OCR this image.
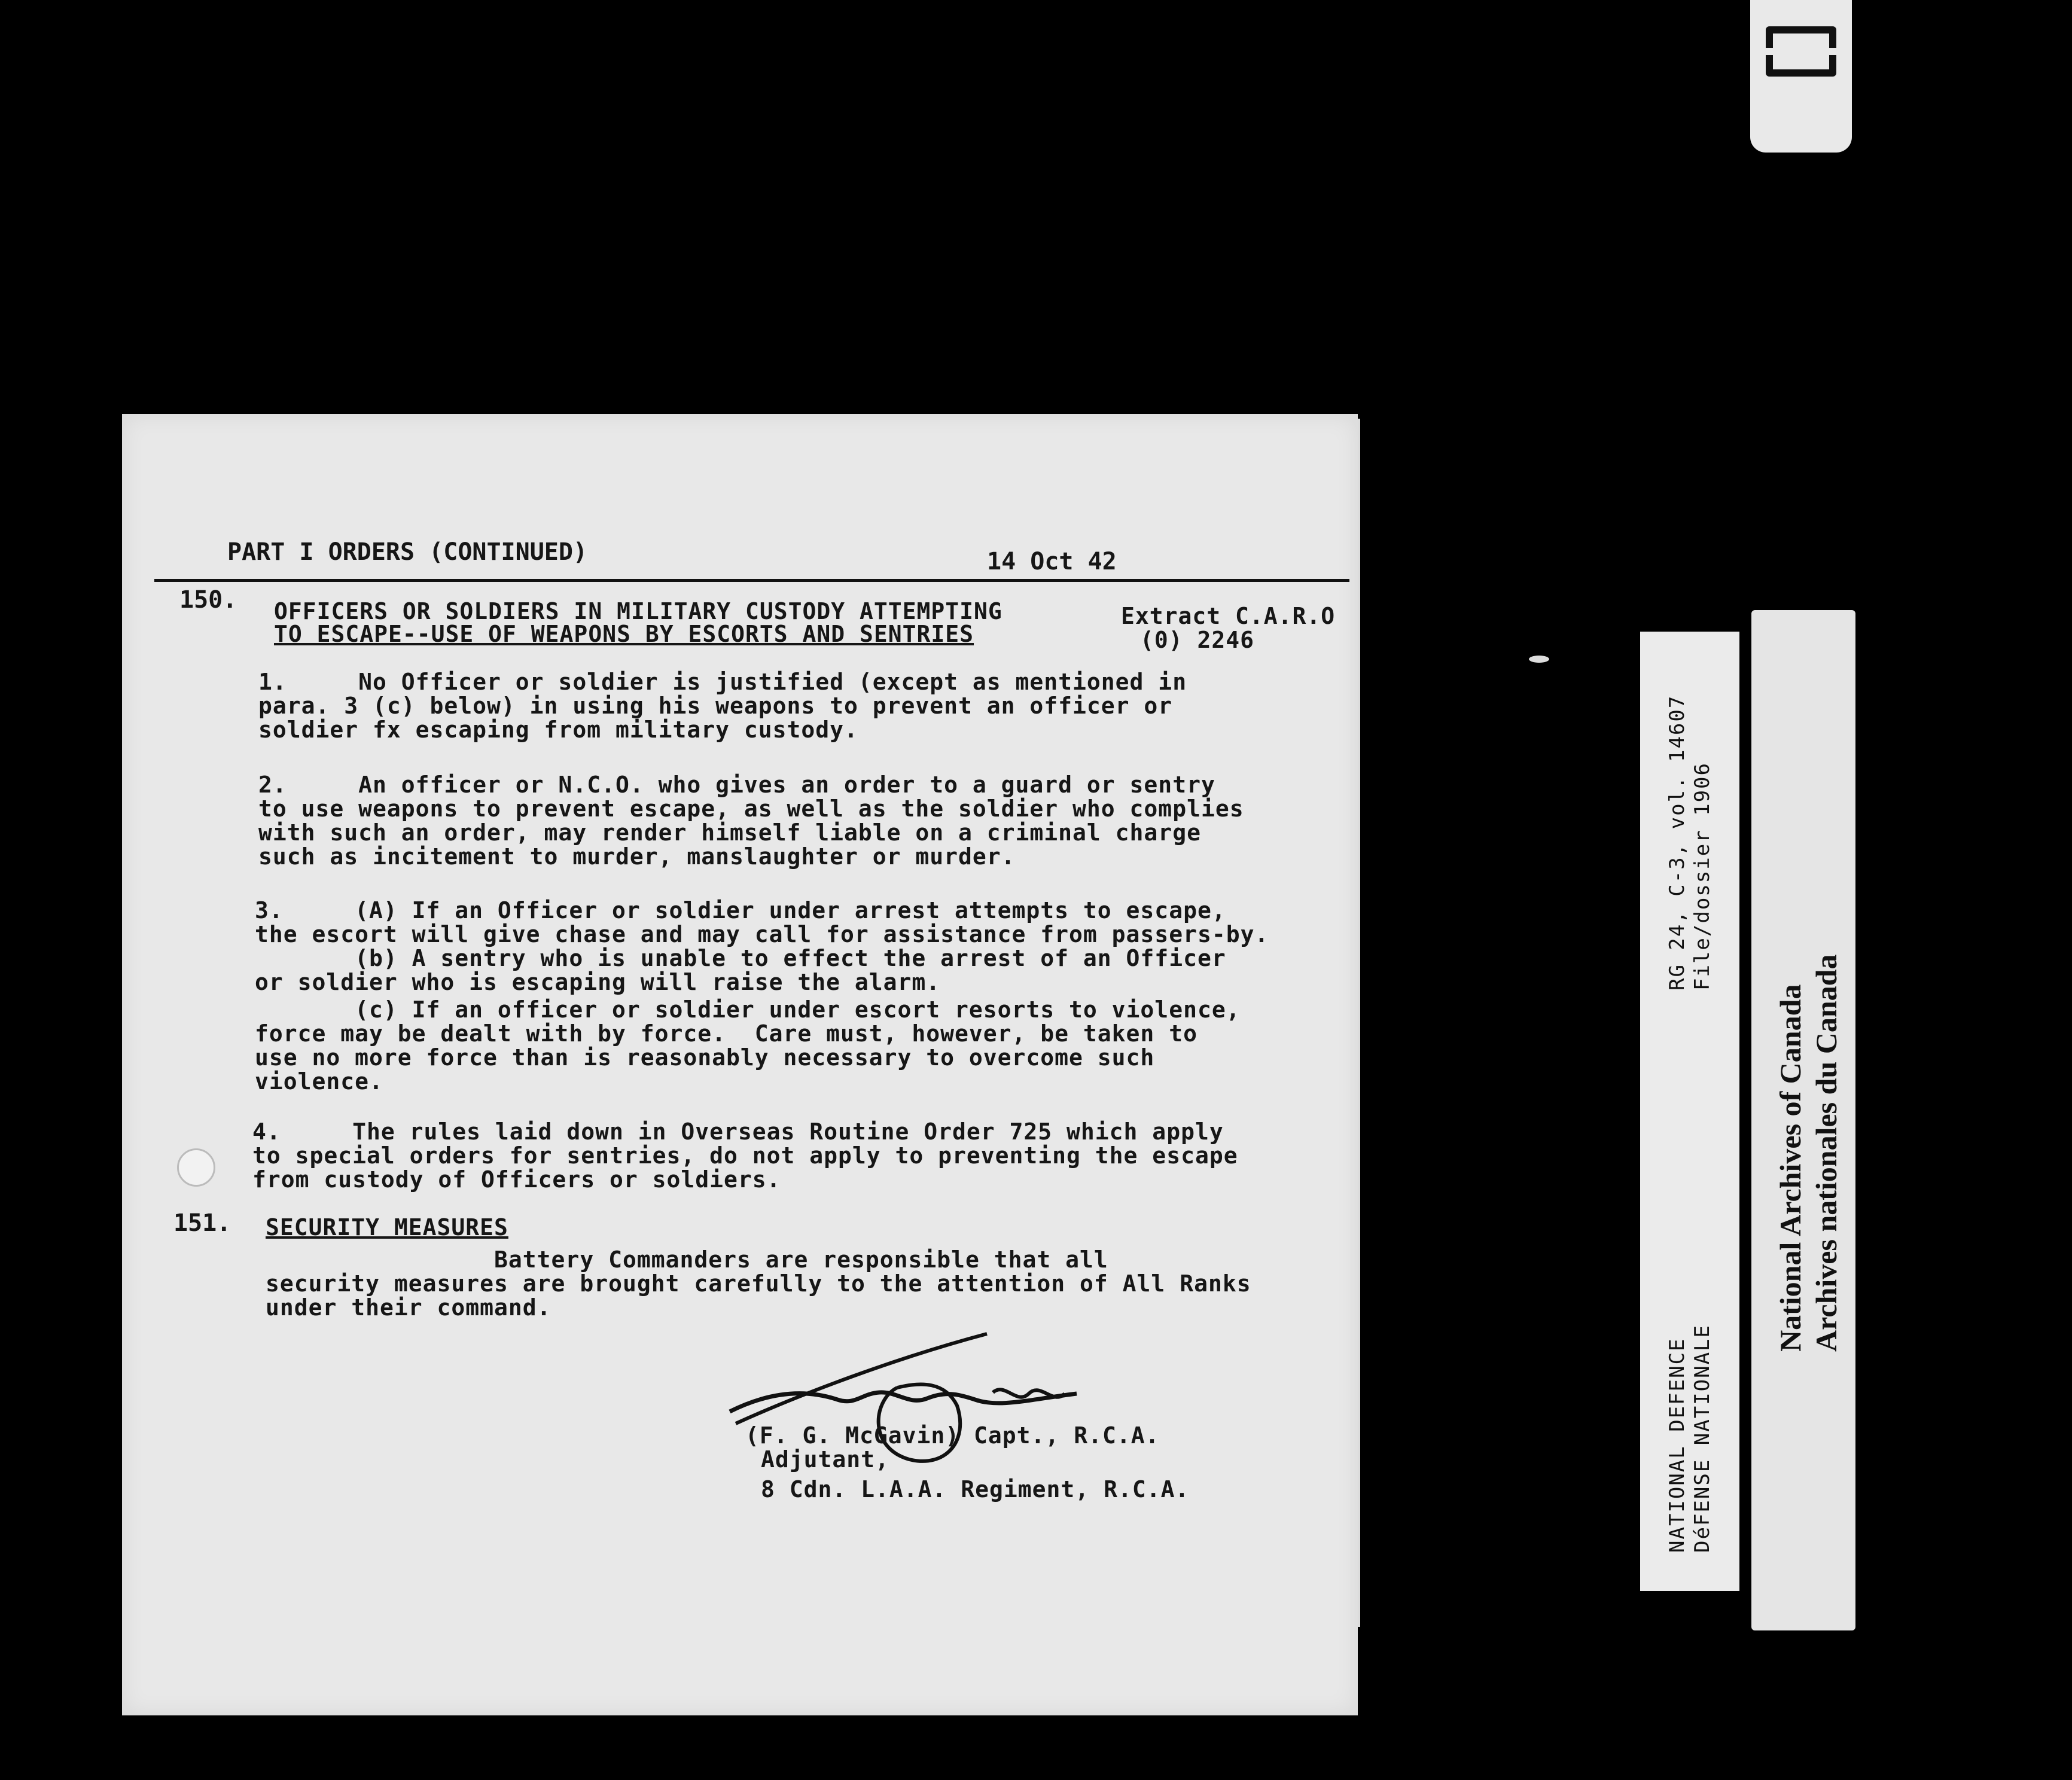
PART I ORDERS (CONTINUED)	14 Oct 42
150. OFFICERS OR SOLDIERS IN MILITARY CUSTODY ATTEMPTING
TO ESCAPE--USE OF WEAPONS BY ESCORTS AND SENTRIES
Extract C.A.R.O
(0) 2246
1.     No Officer or soldier is justified (except as mentioned in
para. 3 (c) below) in using his weapons to prevent an officer or
soldier fx escaping from military custody.
2.     An officer or N.C.O. who gives an order to a guard or sentry
to use weapons to prevent escape, as well as the soldier who complies
with such an order, may render himself liable on a criminal charge
such as incitement to murder, manslaughter or murder.
3.     (A) If an Officer or soldier under arrest attempts to escape,
the escort will give chase and may call for assistance from passers-by.
(b) A sentry who is unable to effect the arrest of an Officer
or soldier who is escaping will raise the alarm.
(c) If an officer or soldier under escort resorts to violence,
force may be dealt with by force.  Care must, however, be taken to
use no more force than is reasonably necessary to overcome such
violence.
4.     The rules laid down in Overseas Routine Order 725 which apply
to special orders for sentries, do not apply to preventing the escape
from custody of Officers or soldiers.
151. SECURITY MEASURES
Battery Commanders are responsible that all
security measures are brought carefully to the attention of All Ranks
under their command.
(F. G. McGavin) Capt., R.C.A.
Adjutant,
8 Cdn. L.A.A. Regiment, R.C.A.
RG 24, C-3, vol. 14607 File/dossier 1906
NATIONAL DEFENCE DéFENSE NATIONALE
National Archives of Canada Archives nationales du Canada
